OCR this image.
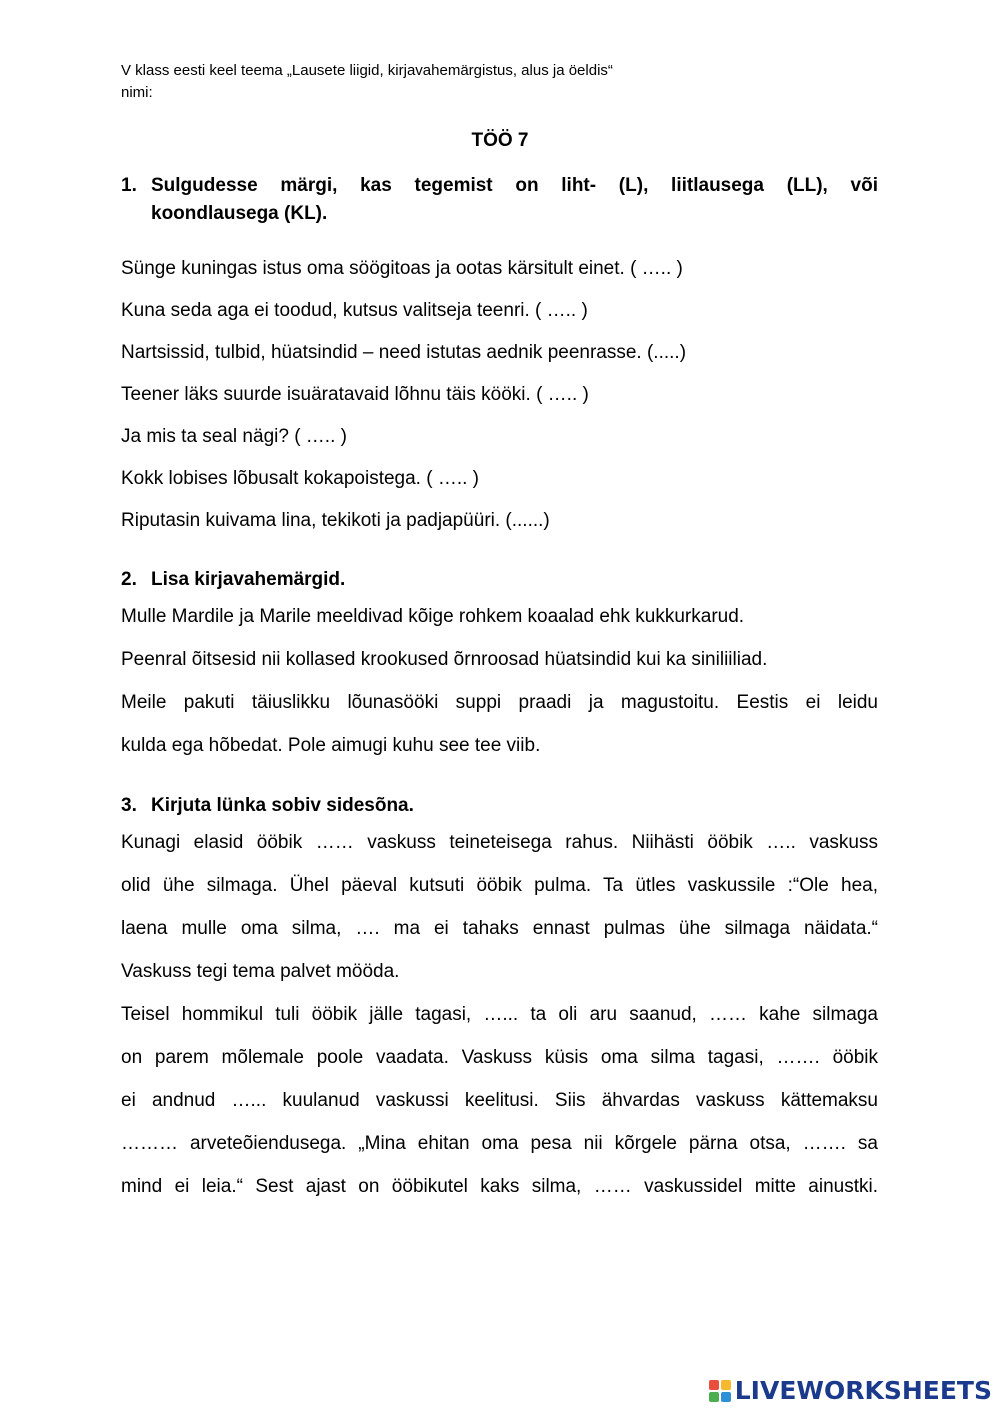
V klass eesti keel teema „Lausete liigid, kirjavahemärgistus, alus ja öeldis“
nimi:
TÖÖ 7
1. Sulgudesse märgi, kas tegemist on liht- (L), liitlausega (LL), või
koondlausega (KL).
Sünge kuningas istus oma söögitoas ja ootas kärsitult einet. ( ….. )
Kuna seda aga ei toodud, kutsus valitseja teenri. ( ….. )
Nartsissid, tulbid, hüatsindid – need istutas aednik peenrasse. (.....)
Teener läks suurde isuäratavaid lõhnu täis kööki. ( ….. )
Ja mis ta seal nägi? ( ….. )
Kokk lobises lõbusalt kokapoistega. ( ….. )
Riputasin kuivama lina, tekikoti ja padjapüüri. (......)
2. Lisa kirjavahemärgid.
Mulle Mardile ja Marile meeldivad kõige rohkem koaalad ehk kukkurkarud.
Peenral õitsesid nii kollased krookused õrnroosad hüatsindid kui ka siniliiliad.
Meile pakuti täiuslikku lõunasööki suppi praadi ja magustoitu. Eestis ei leidu
kulda ega hõbedat. Pole aimugi kuhu see tee viib.
3. Kirjuta lünka sobiv sidesõna.
Kunagi elasid ööbik …… vaskuss teineteisega rahus. Niihästi ööbik ….. vaskuss
olid ühe silmaga. Ühel päeval kutsuti ööbik pulma. Ta ütles vaskussile :“Ole hea,
laena mulle oma silma, …. ma ei tahaks ennast pulmas ühe silmaga näidata.“
Vaskuss tegi tema palvet mööda.
Teisel hommikul tuli ööbik jälle tagasi, …... ta oli aru saanud, …… kahe silmaga
on parem mõlemale poole vaadata. Vaskuss küsis oma silma tagasi, ……. ööbik
ei andnud …... kuulanud vaskussi keelitusi. Siis ähvardas vaskuss kättemaksu
……… arveteõiendusega. „Mina ehitan oma pesa nii kõrgele pärna otsa, ……. sa
mind ei leia.“ Sest ajast on ööbikutel kaks silma, …… vaskussidel mitte ainustki.
LIVEWORKSHEETS
